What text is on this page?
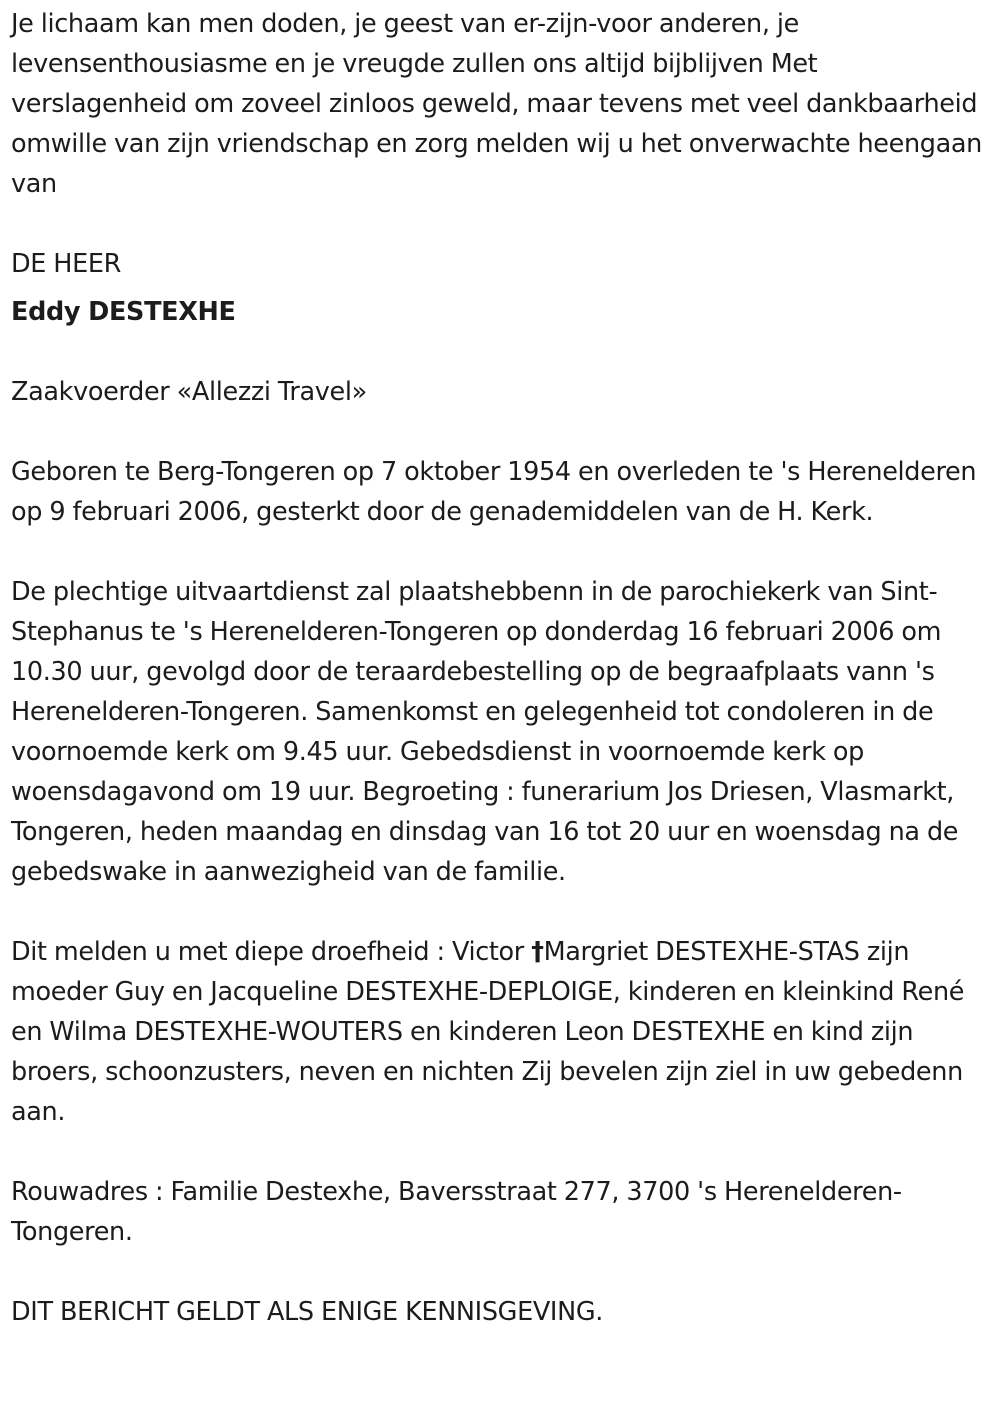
Je lichaam kan men doden, je geest van er-zijn-voor anderen, je levensenthousiasme en je vreugde zullen ons altijd bijblijven Met verslagenheid om zoveel zinloos geweld, maar tevens met veel dankbaarheid omwille van zijn vriendschap en zorg melden wij u het onverwachte heengaan van

DE HEER

Eddy DESTEXHE

Zaakvoerder «Allezzi Travel»

Geboren te Berg-Tongeren op 7 oktober 1954 en overleden te 's Herenelderen op 9 februari 2006, gesterkt door de genademiddelen van de H. Kerk.

De plechtige uitvaartdienst zal plaatshebbenn in de parochiekerk van Sint-Stephanus te 's Herenelderen-Tongeren op donderdag 16 februari 2006 om 10.30 uur, gevolgd door de teraardebestelling op de begraafplaats vann 's Herenelderen-Tongeren. Samenkomst en gelegenheid tot condoleren in de voornoemde kerk om 9.45 uur. Gebedsdienst in voornoemde kerk op woensdagavond om 19 uur. Begroeting : funerarium Jos Driesen, Vlasmarkt, Tongeren, heden maandag en dinsdag van 16 tot 20 uur en woensdag na de gebedswake in aanwezigheid van de familie.

Dit melden u met diepe droefheid : Victor †Margriet DESTEXHE-STAS zijn moeder Guy en Jacqueline DESTEXHE-DEPLOIGE, kinderen en kleinkind René en Wilma DESTEXHE-WOUTERS en kinderen Leon DESTEXHE en kind zijn broers, schoonzusters, neven en nichten Zij bevelen zijn ziel in uw gebedenn aan.

Rouwadres : Familie Destexhe, Baversstraat 277, 3700 's Herenelderen-Tongeren.

DIT BERICHT GELDT ALS ENIGE KENNISGEVING.
